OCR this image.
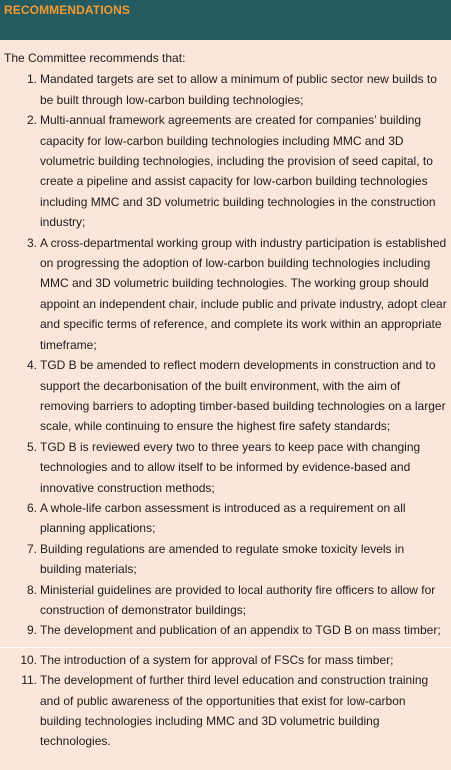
RECOMMENDATIONS

The Committee recommends that:

1. Mandated targets are set to allow a minimum of public sector new builds to be built through low-carbon building technologies;
2. Multi-annual framework agreements are created for companies’ building capacity for low-carbon building technologies including MMC and 3D volumetric building technologies, including the provision of seed capital, to create a pipeline and assist capacity for low-carbon building technologies including MMC and 3D volumetric building technologies in the construction industry;
3. A cross-departmental working group with industry participation is established on progressing the adoption of low-carbon building technologies including MMC and 3D volumetric building technologies. The working group should appoint an independent chair, include public and private industry, adopt clear and specific terms of reference, and complete its work within an appropriate timeframe;
4. TGD B be amended to reflect modern developments in construction and to support the decarbonisation of the built environment, with the aim of removing barriers to adopting timber-based building technologies on a larger scale, while continuing to ensure the highest fire safety standards;
5. TGD B is reviewed every two to three years to keep pace with changing technologies and to allow itself to be informed by evidence-based and innovative construction methods;
6. A whole-life carbon assessment is introduced as a requirement on all planning applications;
7. Building regulations are amended to regulate smoke toxicity levels in building materials;
8. Ministerial guidelines are provided to local authority fire officers to allow for construction of demonstrator buildings;
9. The development and publication of an appendix to TGD B on mass timber;
10. The introduction of a system for approval of FSCs for mass timber;
11. The development of further third level education and construction training and of public awareness of the opportunities that exist for low-carbon building technologies including MMC and 3D volumetric building technologies.
